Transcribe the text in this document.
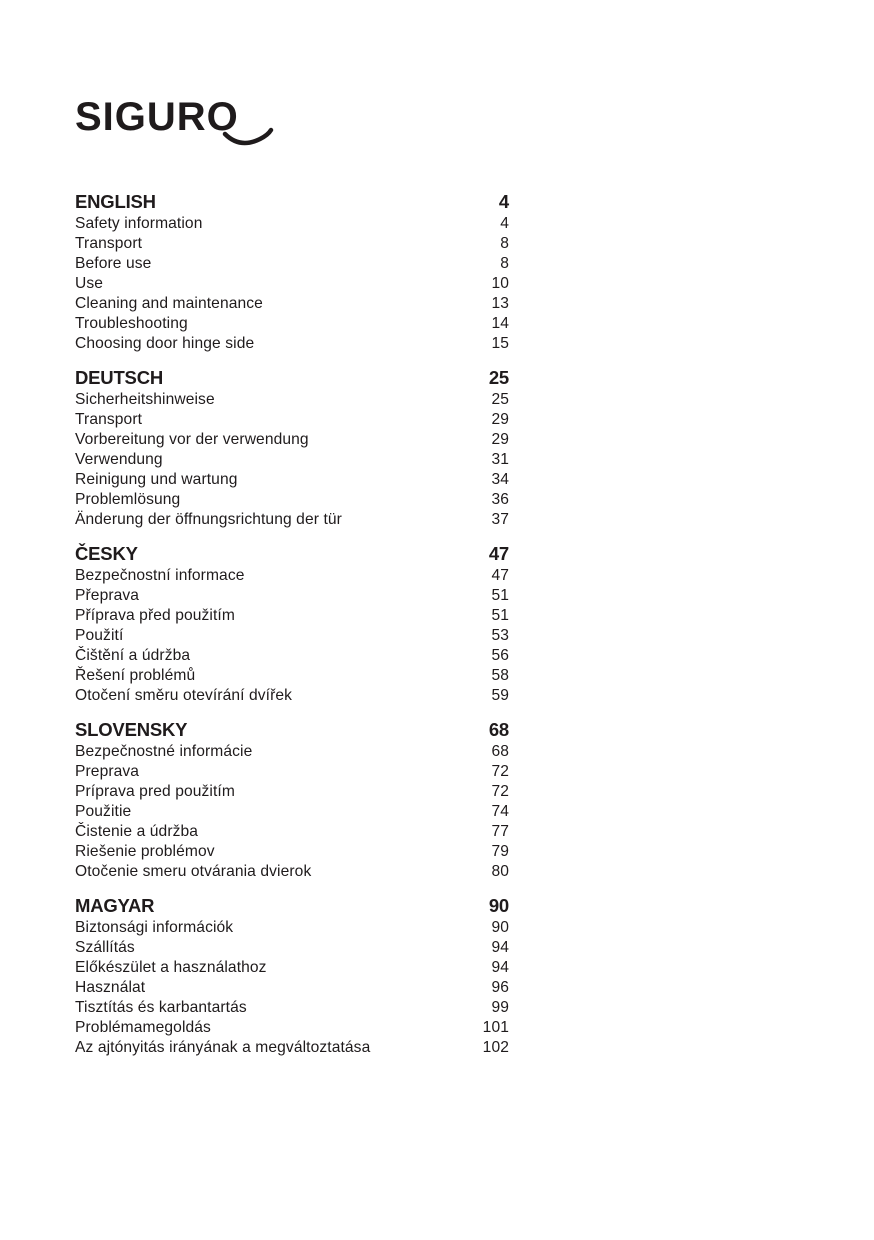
SIGURO
ENGLISH	4
Safety information	4
Transport	8
Before use	8
Use	10
Cleaning and maintenance	13
Troubleshooting	14
Choosing door hinge side	15
DEUTSCH	25
Sicherheitshinweise	25
Transport	29
Vorbereitung vor der verwendung	29
Verwendung	31
Reinigung und wartung	34
Problemlösung	36
Änderung der öffnungsrichtung der tür	37
ČESKY	47
Bezpečnostní informace	47
Přeprava	51
Příprava před použitím	51
Použití	53
Čištění a údržba	56
Řešení problémů	58
Otočení směru otevírání dvířek	59
SLOVENSKY	68
Bezpečnostné informácie	68
Preprava	72
Príprava pred použitím	72
Použitie	74
Čistenie a údržba	77
Riešenie problémov	79
Otočenie smeru otvárania dvierok	80
MAGYAR	90
Biztonsági információk	90
Szállítás	94
Előkészület a használathoz	94
Használat	96
Tisztítás és karbantartás	99
Problémamegoldás	101
Az ajtónyitás irányának a megváltoztatása	102
